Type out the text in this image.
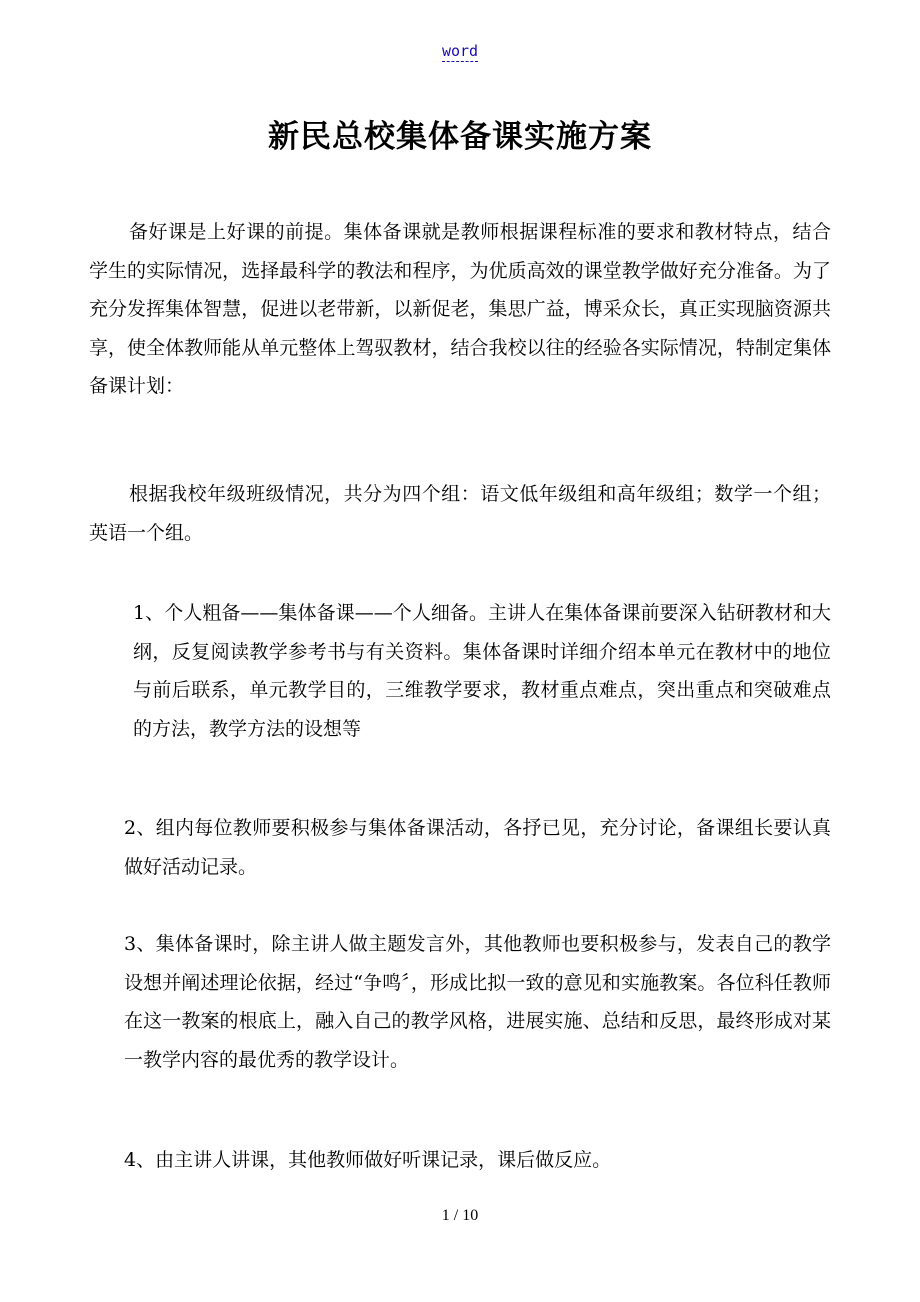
word
新民总校集体备课实施方案

备好课是上好课的前提。集体备课就是教师根据课程标准的要求和教材特点，结合学生的实际情况，选择最科学的教法和程序，为优质高效的课堂教学做好充分准备。为了充分发挥集体智慧，促进以老带新，以新促老，集思广益，博采众长，真正实现脑资源共享，使全体教师能从单元整体上驾驭教材，结合我校以往的经验各实际情况，特制定集体备课计划：

根据我校年级班级情况，共分为四个组：语文低年级组和高年级组；数学一个组；英语一个组。

1、个人粗备——集体备课——个人细备。主讲人在集体备课前要深入钻研教材和大纲，反复阅读教学参考书与有关资料。集体备课时详细介绍本单元在教材中的地位与前后联系，单元教学目的，三维教学要求，教材重点难点，突出重点和突破难点的方法，教学方法的设想等

2、组内每位教师要积极参与集体备课活动，各抒已见，充分讨论，备课组长要认真做好活动记录。

3、集体备课时，除主讲人做主题发言外，其他教师也要积极参与，发表自己的教学设想并阐述理论依据，经过“争鸣〞，形成比拟一致的意见和实施教案。各位科任教师在这一教案的根底上，融入自己的教学风格，进展实施、总结和反思，最终形成对某一教学内容的最优秀的教学设计。

4、由主讲人讲课，其他教师做好听课记录，课后做反应。

1 / 10
